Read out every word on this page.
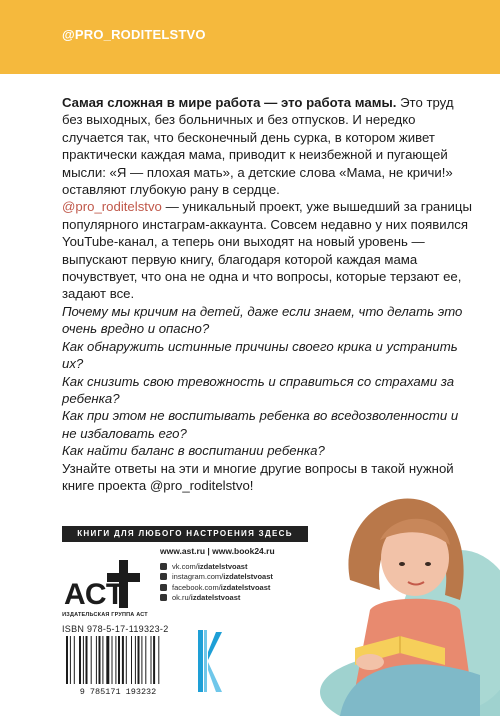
@PRO_RODITELSTVO

Самая сложная в мире работа — это работа мамы. Это труд без выходных, без больничных и без отпусков. И нередко случается так, что бесконечный день сурка, в котором живет практически каждая мама, приводит к неизбежной и пугающей мысли: «Я — плохая мать», а детские слова «Мама, не кричи!» оставляют глубокую рану в сердце.

@pro_roditelstvo — уникальный проект, уже вышедший за границы популярного инстаграм-аккаунта. Совсем недавно у них появился YouTube-канал, а теперь они выходят на новый уровень — выпускают первую книгу, благодаря которой каждая мама почувствует, что она не одна и что вопросы, которые терзают ее, задают все.

Почему мы кричим на детей, даже если знаем, что делать это очень вредно и опасно?

Как обнаружить истинные причины своего крика и устранить их?

Как снизить свою тревожность и справиться со страхами за ребенка?

Как при этом не воспитывать ребенка во вседозволенности и не избаловать его?

Как найти баланс в воспитании ребенка?

Узнайте ответы на эти и многие другие вопросы в такой нужной книге проекта @pro_roditelstvo!

КНИГИ ДЛЯ ЛЮБОГО НАСТРОЕНИЯ ЗДЕСЬ
АСТ
ИЗДАТЕЛЬСКАЯ ГРУППА АСТ
www.ast.ru | www.book24.ru
vk.com/ izdatelstvoast
instagram.com/ izdatelstvoast
facebook.com/ izdatelstvoast
ok.ru/ izdatelstvoast
ISBN 978-5-17-119323-2
9 785171 193232
